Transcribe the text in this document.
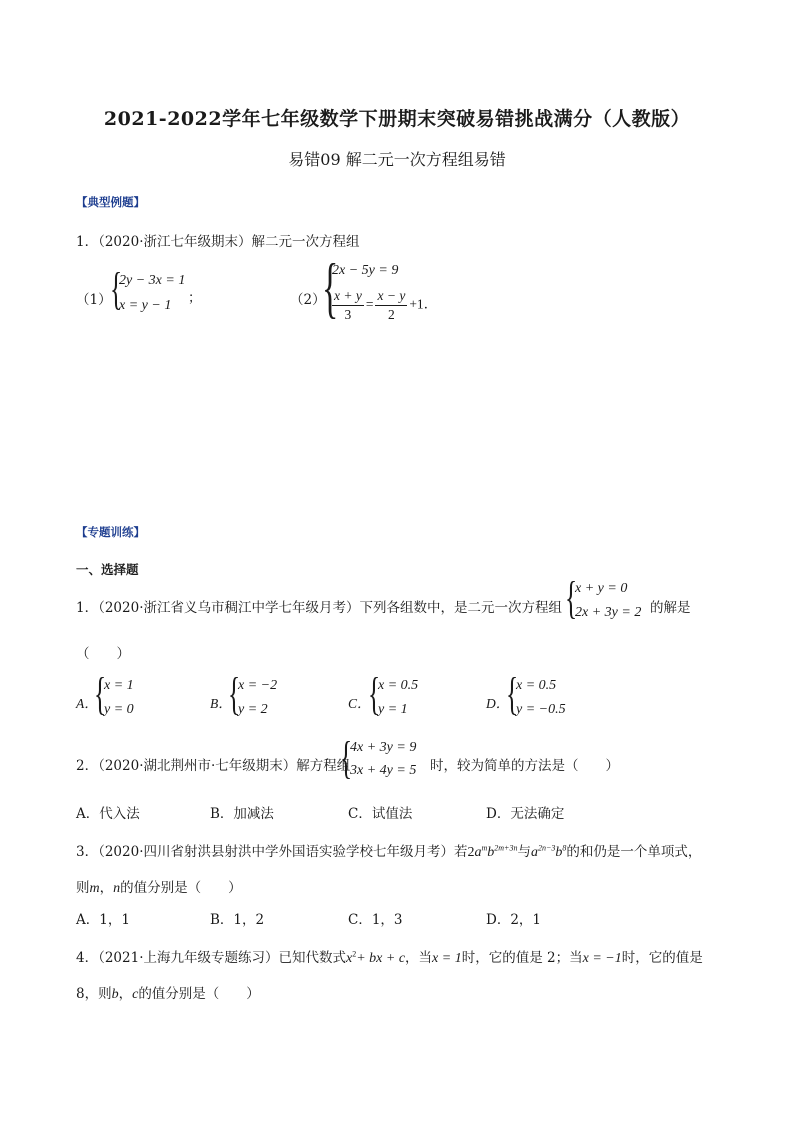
2021-2022学年七年级数学下册期末突破易错挑战满分（人教版）
易错09 解二元一次方程组易错
【典型例题】
1．（2020·浙江七年级期末）解二元一次方程组
（1）
{
2y − 3x = 1
x = y − 1 ；	（2）
{
2x − 5y = 9
$\frac{x + y}{3} = \frac{x - y}{2} +1$．
【专题训练】
一、选择题
1．（2020·浙江省义乌市稠江中学七年级月考）下列各组数中，是二元一次方程组 {
x + y = 0
2x + 3y = 2 的解是
（　　）
A．
{
x = 1
y = 0	B．
{
x = −2
y = 2	C．
{
x = 0.5
y = 1	D．
{
x = 0.5
y = −0.5
2．（2020·湖北荆州市·七年级期末）解方程组
{
4x + 3y = 9
3x + 4y = 5 时，较为简单的方法是（　　）
A．代入法	B．加减法	C．试值法	D．无法确定
3．（2020·四川省射洪县射洪中学外国语实验学校七年级月考）若$2a^mb^{2m+3n}$与$a^{2n-3}b^8$的和仍是一个单项式，
则m，n的值分别是（　　）
A．1，1	B．1，2	C．1，3	D．2，1
4．（2021·上海九年级专题练习）已知代数式$x^2+$ bx + c，当x = 1时，它的值是 2；当x = −1时，它的值是
8，则b，c的值分别是（　　）
